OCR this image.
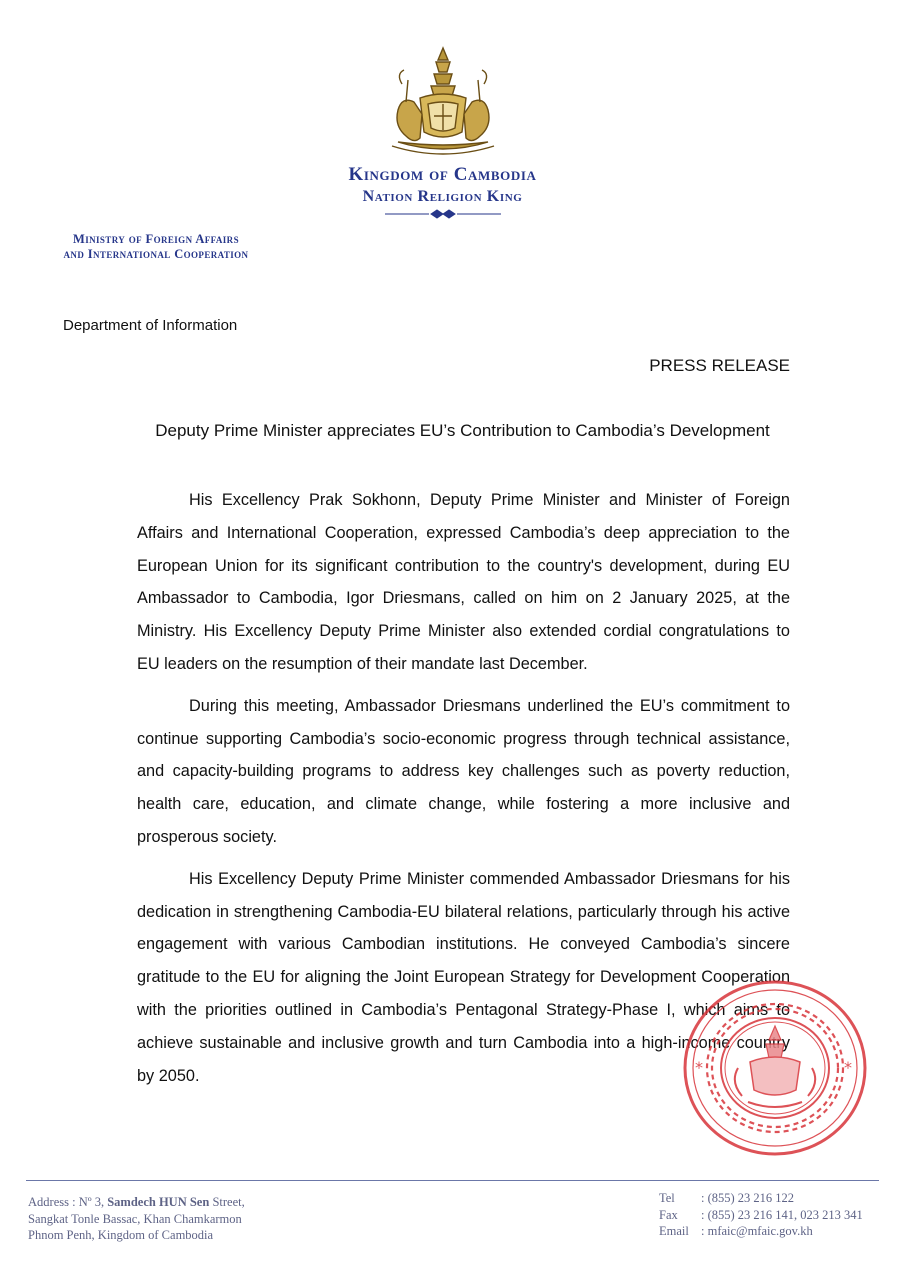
Kingdom of Cambodia
Nation Religion King
Ministry of Foreign Affairs
and International Cooperation
Department of Information
PRESS RELEASE
Deputy Prime Minister appreciates EU’s Contribution to Cambodia’s Development

His Excellency Prak Sokhonn, Deputy Prime Minister and Minister of Foreign Affairs and International Cooperation, expressed Cambodia’s deep appreciation to the European Union for its significant contribution to the country's development, during EU Ambassador to Cambodia, Igor Driesmans, called on him on 2 January 2025, at the Ministry. His Excellency Deputy Prime Minister also extended cordial congratulations to EU leaders on the resumption of their mandate last December.

During this meeting, Ambassador Driesmans underlined the EU’s commitment to continue supporting Cambodia’s socio-economic progress through technical assistance, and capacity-building programs to address key challenges such as poverty reduction, health care, education, and climate change, while fostering a more inclusive and prosperous society.

His Excellency Deputy Prime Minister commended Ambassador Driesmans for his dedication in strengthening Cambodia-EU bilateral relations, particularly through his active engagement with various Cambodian institutions. He conveyed Cambodia’s sincere gratitude to the EU for aligning the Joint European Strategy for Development Cooperation with the priorities outlined in Cambodia’s Pentagonal Strategy-Phase I, which aims to achieve sustainable and inclusive growth and turn Cambodia into a high-income country by 2050.	*	*
Address : Nº 3, Samdech HUN Sen Street,
Sangkat Tonle Bassac, Khan Chamkarmon
Phnom Penh, Kingdom of Cambodia
Tel	: (855) 23 216 122
Fax	: (855) 23 216 141, 023 213 341
Email : mfaic@mfaic.gov.kh
